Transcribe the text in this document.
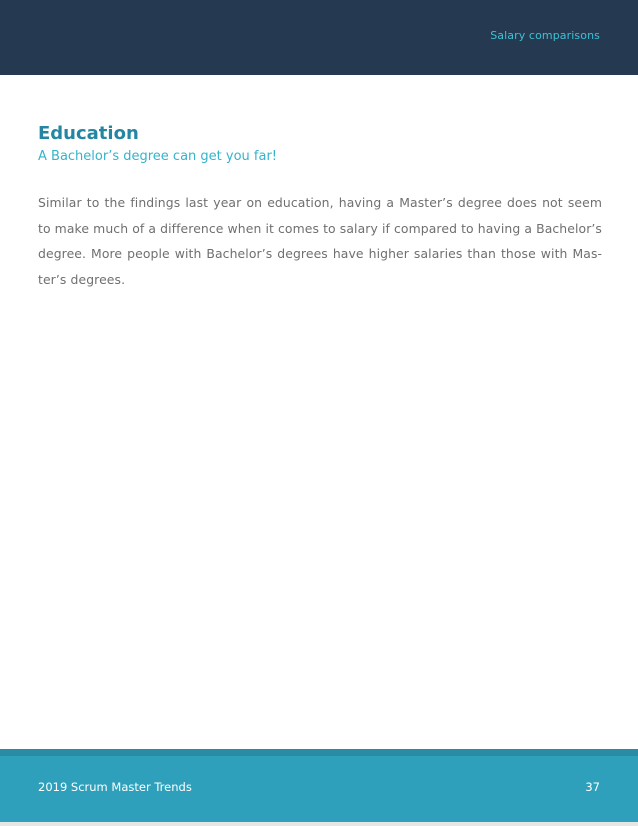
Salary comparisons
Education

A Bachelor’s degree can get you far!

Similar to the findings last year on education, having a Master’s degree does not seem to make much of a difference when it comes to salary if compared to having a Bachelor’s degree. More people with Bachelor’s degrees have higher salaries than those with Master’s degrees.

2019 Scrum Master Trends	37
